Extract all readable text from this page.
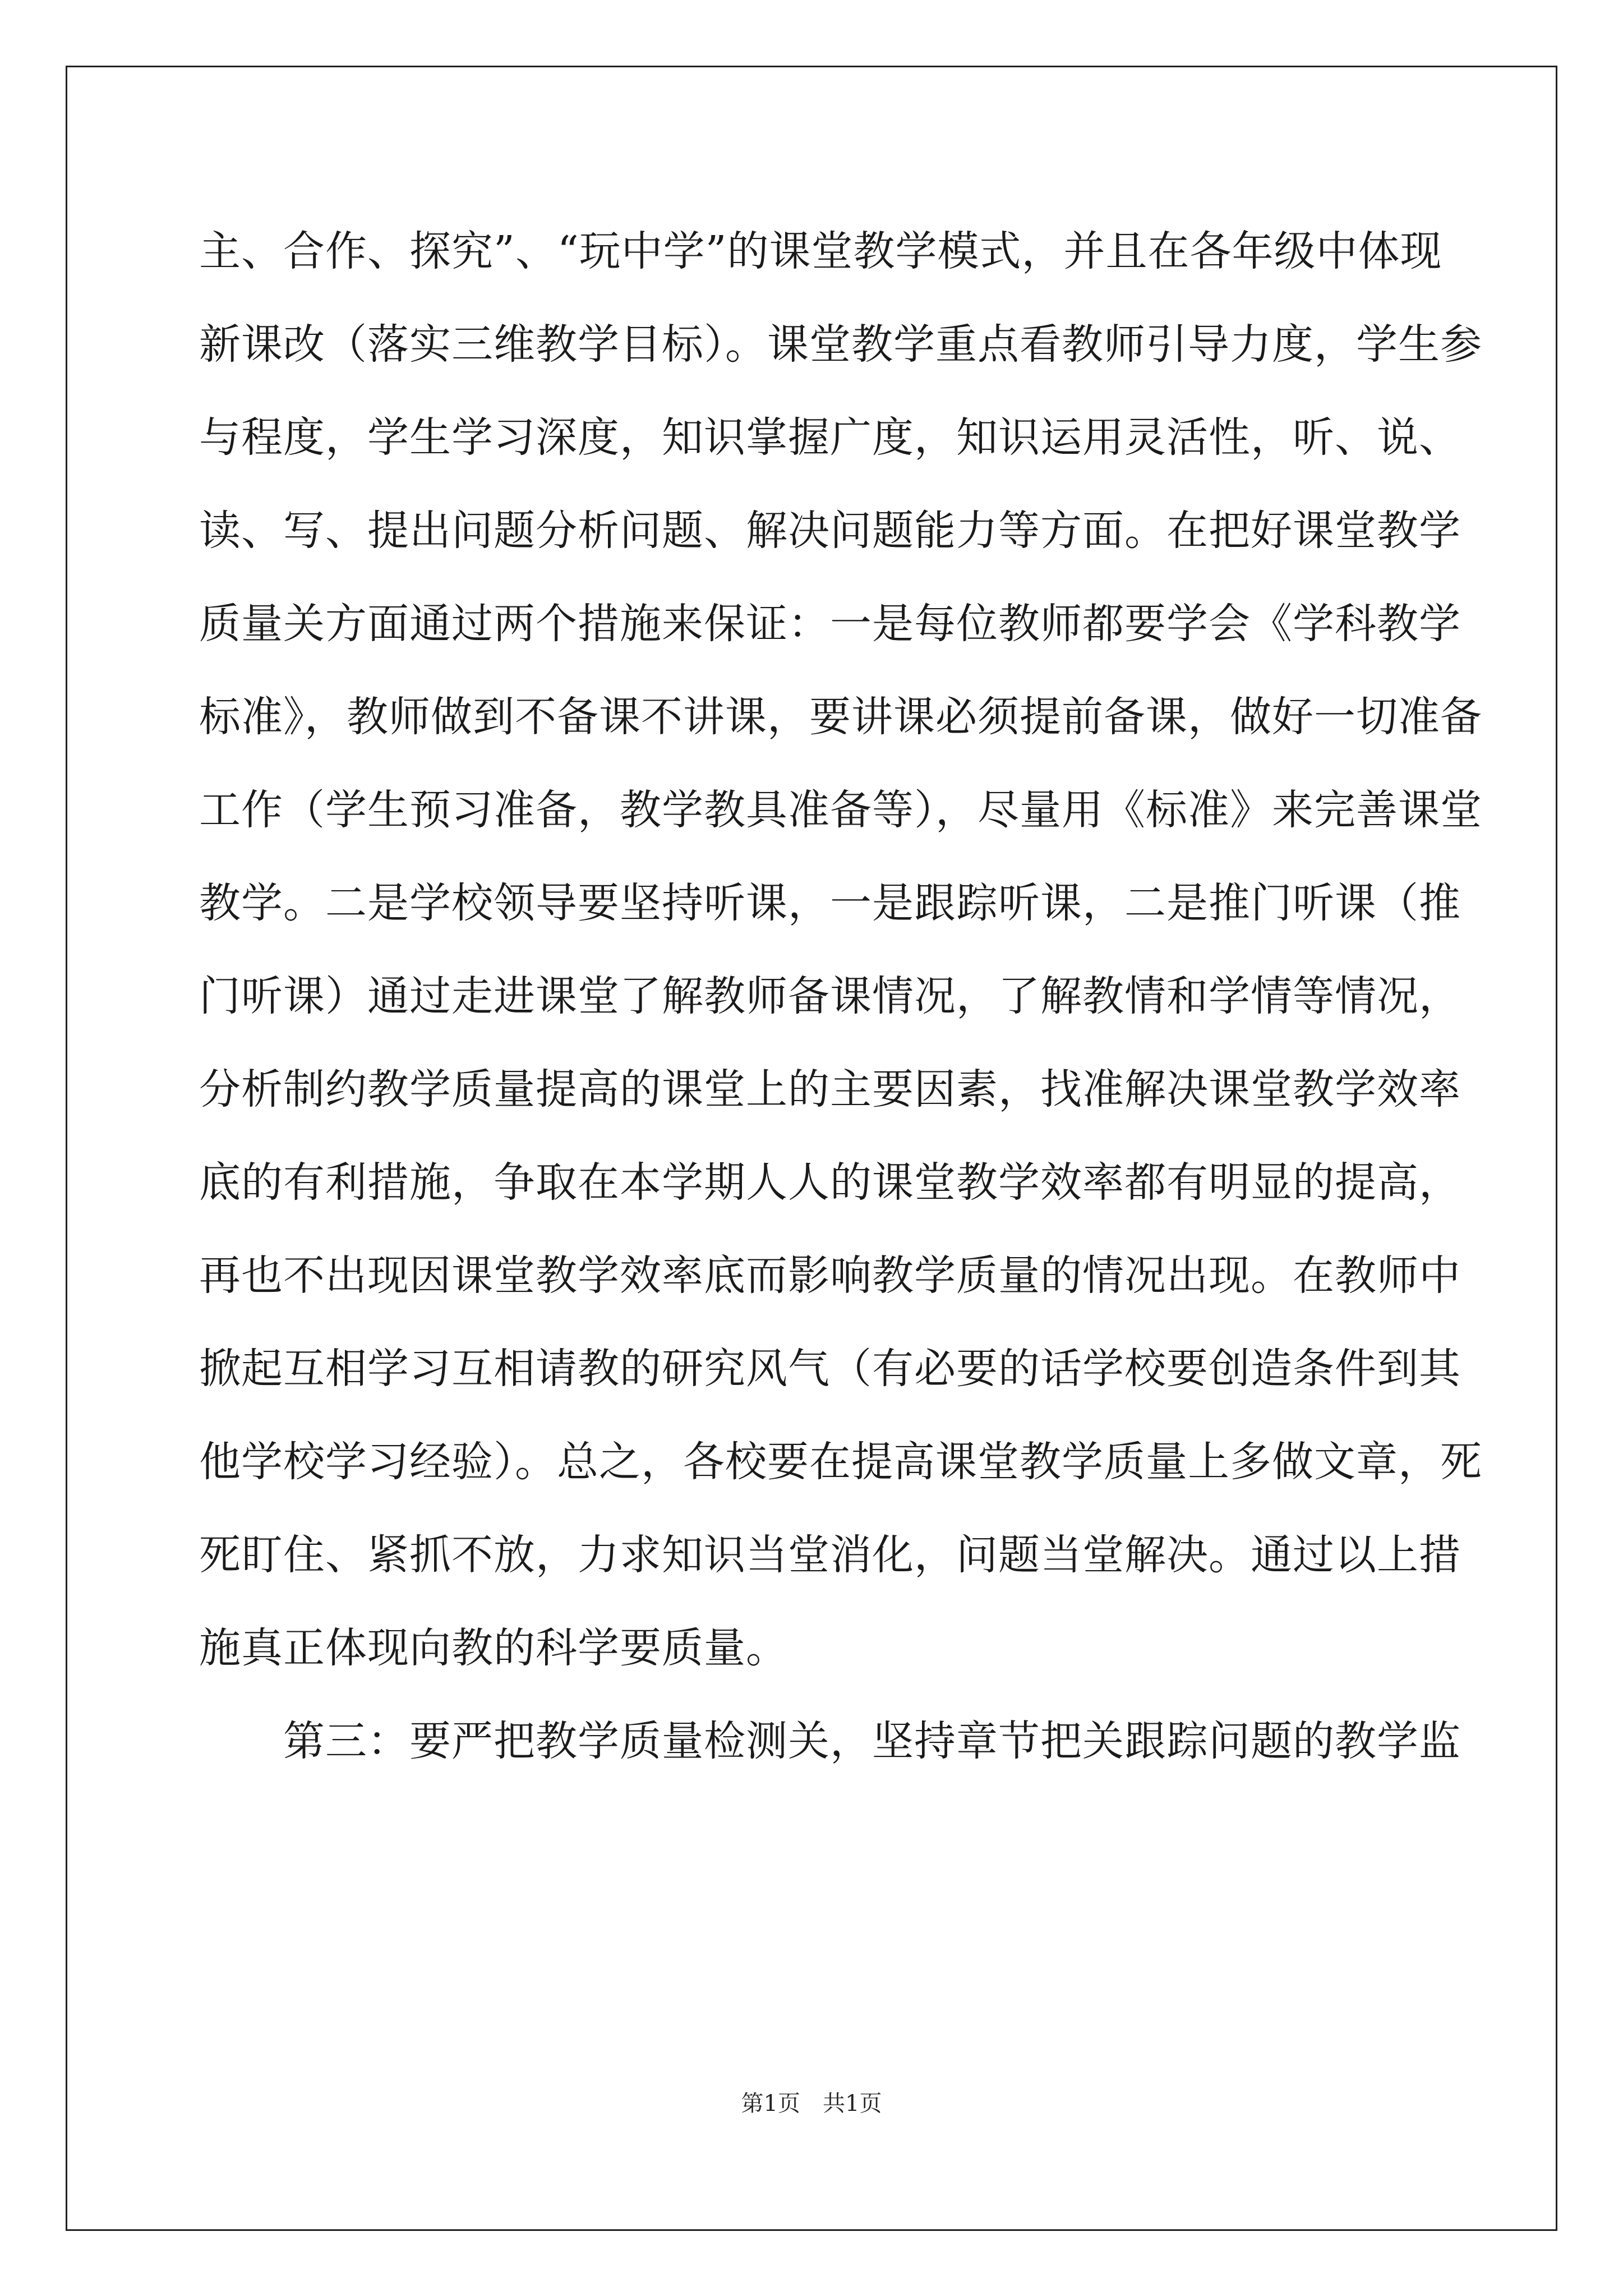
主、合作、探究”、“玩中学”的课堂教学模式，并且在各年级中体现
新课改（落实三维教学目标）。课堂教学重点看教师引导力度，学生参
与程度，学生学习深度，知识掌握广度，知识运用灵活性，听、说、
读、写、提出问题分析问题、解决问题能力等方面。在把好课堂教学
质量关方面通过两个措施来保证：一是每位教师都要学会《学科教学
标准》，教师做到不备课不讲课，要讲课必须提前备课，做好一切准备
工作（学生预习准备，教学教具准备等），尽量用《标准》来完善课堂
教学。二是学校领导要坚持听课，一是跟踪听课，二是推门听课（推
门听课）通过走进课堂了解教师备课情况，了解教情和学情等情况，
分析制约教学质量提高的课堂上的主要因素，找准解决课堂教学效率
底的有利措施，争取在本学期人人的课堂教学效率都有明显的提高，
再也不出现因课堂教学效率底而影响教学质量的情况出现。在教师中
掀起互相学习互相请教的研究风气（有必要的话学校要创造条件到其
他学校学习经验）。总之，各校要在提高课堂教学质量上多做文章，死
死盯住、紧抓不放，力求知识当堂消化，问题当堂解决。通过以上措
施真正体现向教的科学要质量。
第三：要严把教学质量检测关，坚持章节把关跟踪问题的教学监
第1页　共1页
